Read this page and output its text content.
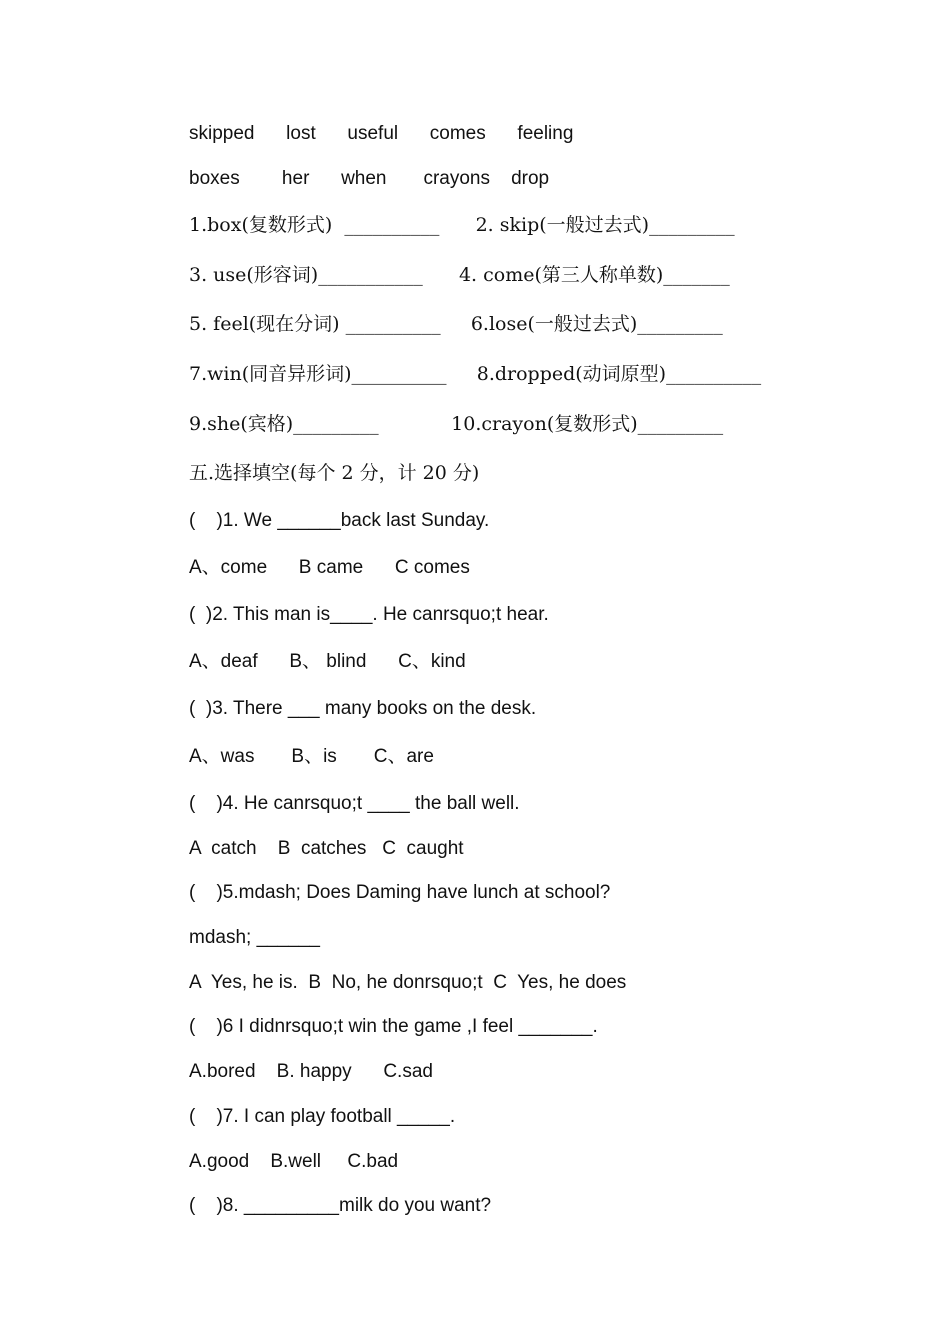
skipped      lost      useful      comes      feeling
boxes        her      when       crayons    drop
1.box(复数形式)  __________      2. skip(一般过去式)_________
3. use(形容词)___________      4. come(第三人称单数)_______
5. feel(现在分词) __________     6.lose(一般过去式)_________
7.win(同音异形词)__________     8.dropped(动词原型)__________
9.she(宾格)_________            10.crayon(复数形式)_________
五.选择填空(每个 2 分，计 20 分)
(    )1. We ______back last Sunday.
A、come      B came      C comes
(  )2. This man is____. He canrsquo;t hear.
A、deaf      B、 blind      C、kind
(  )3. There ___ many books on the desk.
A、was       B、is       C、are
(    )4. He canrsquo;t ____ the ball well.
A  catch    B  catches   C  caught
(    )5.mdash; Does Daming have lunch at school?
mdash; ______
A  Yes, he is.  B  No, he donrsquo;t  C  Yes, he does
(    )6 I didnrsquo;t win the game ,I feel _______.
A.bored    B. happy      C.sad
(    )7. I can play football _____.
A.good    B.well     C.bad
(    )8. _________milk do you want?
